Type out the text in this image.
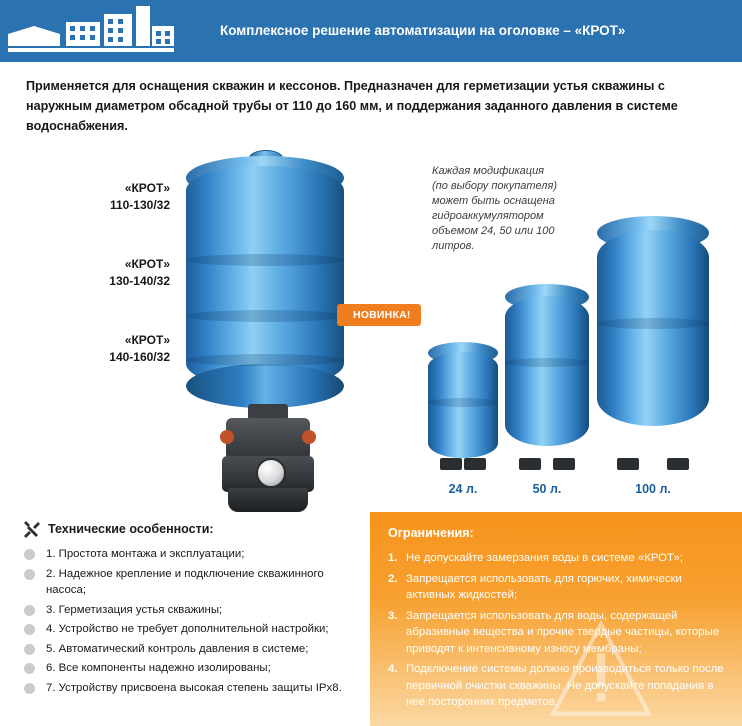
Комплексное решение автоматизации на оголовке – «КРОТ»
Применяется для оснащения скважин и кессонов. Предназначен для герметизации устья скважины с наружным диаметром обсадной трубы от 110 до 160 мм, и поддержания заданного давления в системе водоснабжения.
«КРОТ»
110-130/32
«КРОТ»
130-140/32
«КРОТ»
140-160/32
НОВИНКА!
Каждая модификация (по выбору покупателя) может быть оснащена гидроаккумулятором объемом 24, 50 или 100 литров.
24 л.	50 л.	100 л.
Технические особенности:
1. Простота монтажа и эксплуатации;
2. Надежное крепление и подключение скважинного насоса;
3. Герметизация устья скважины;
4. Устройство не требует дополнительной настройки;
5. Автоматический контроль давления в системе;
6. Все компоненты надежно изолированы;
7. Устройству присвоена высокая степень защиты IPx8.
Ограничения:
1. Не допускайте замерзания воды в системе «КРОТ»;
2. Запрещается использовать для горючих, химически активных жидкостей;
3. Запрещается использовать для воды, содержащей абразивные вещества и прочие твердые частицы, которые приводят к интенсивному износу мембраны;
4. Подключение системы должно производиться только после первичной очистки скважины. Не допускайте попадания в нее посторонних предметов.
